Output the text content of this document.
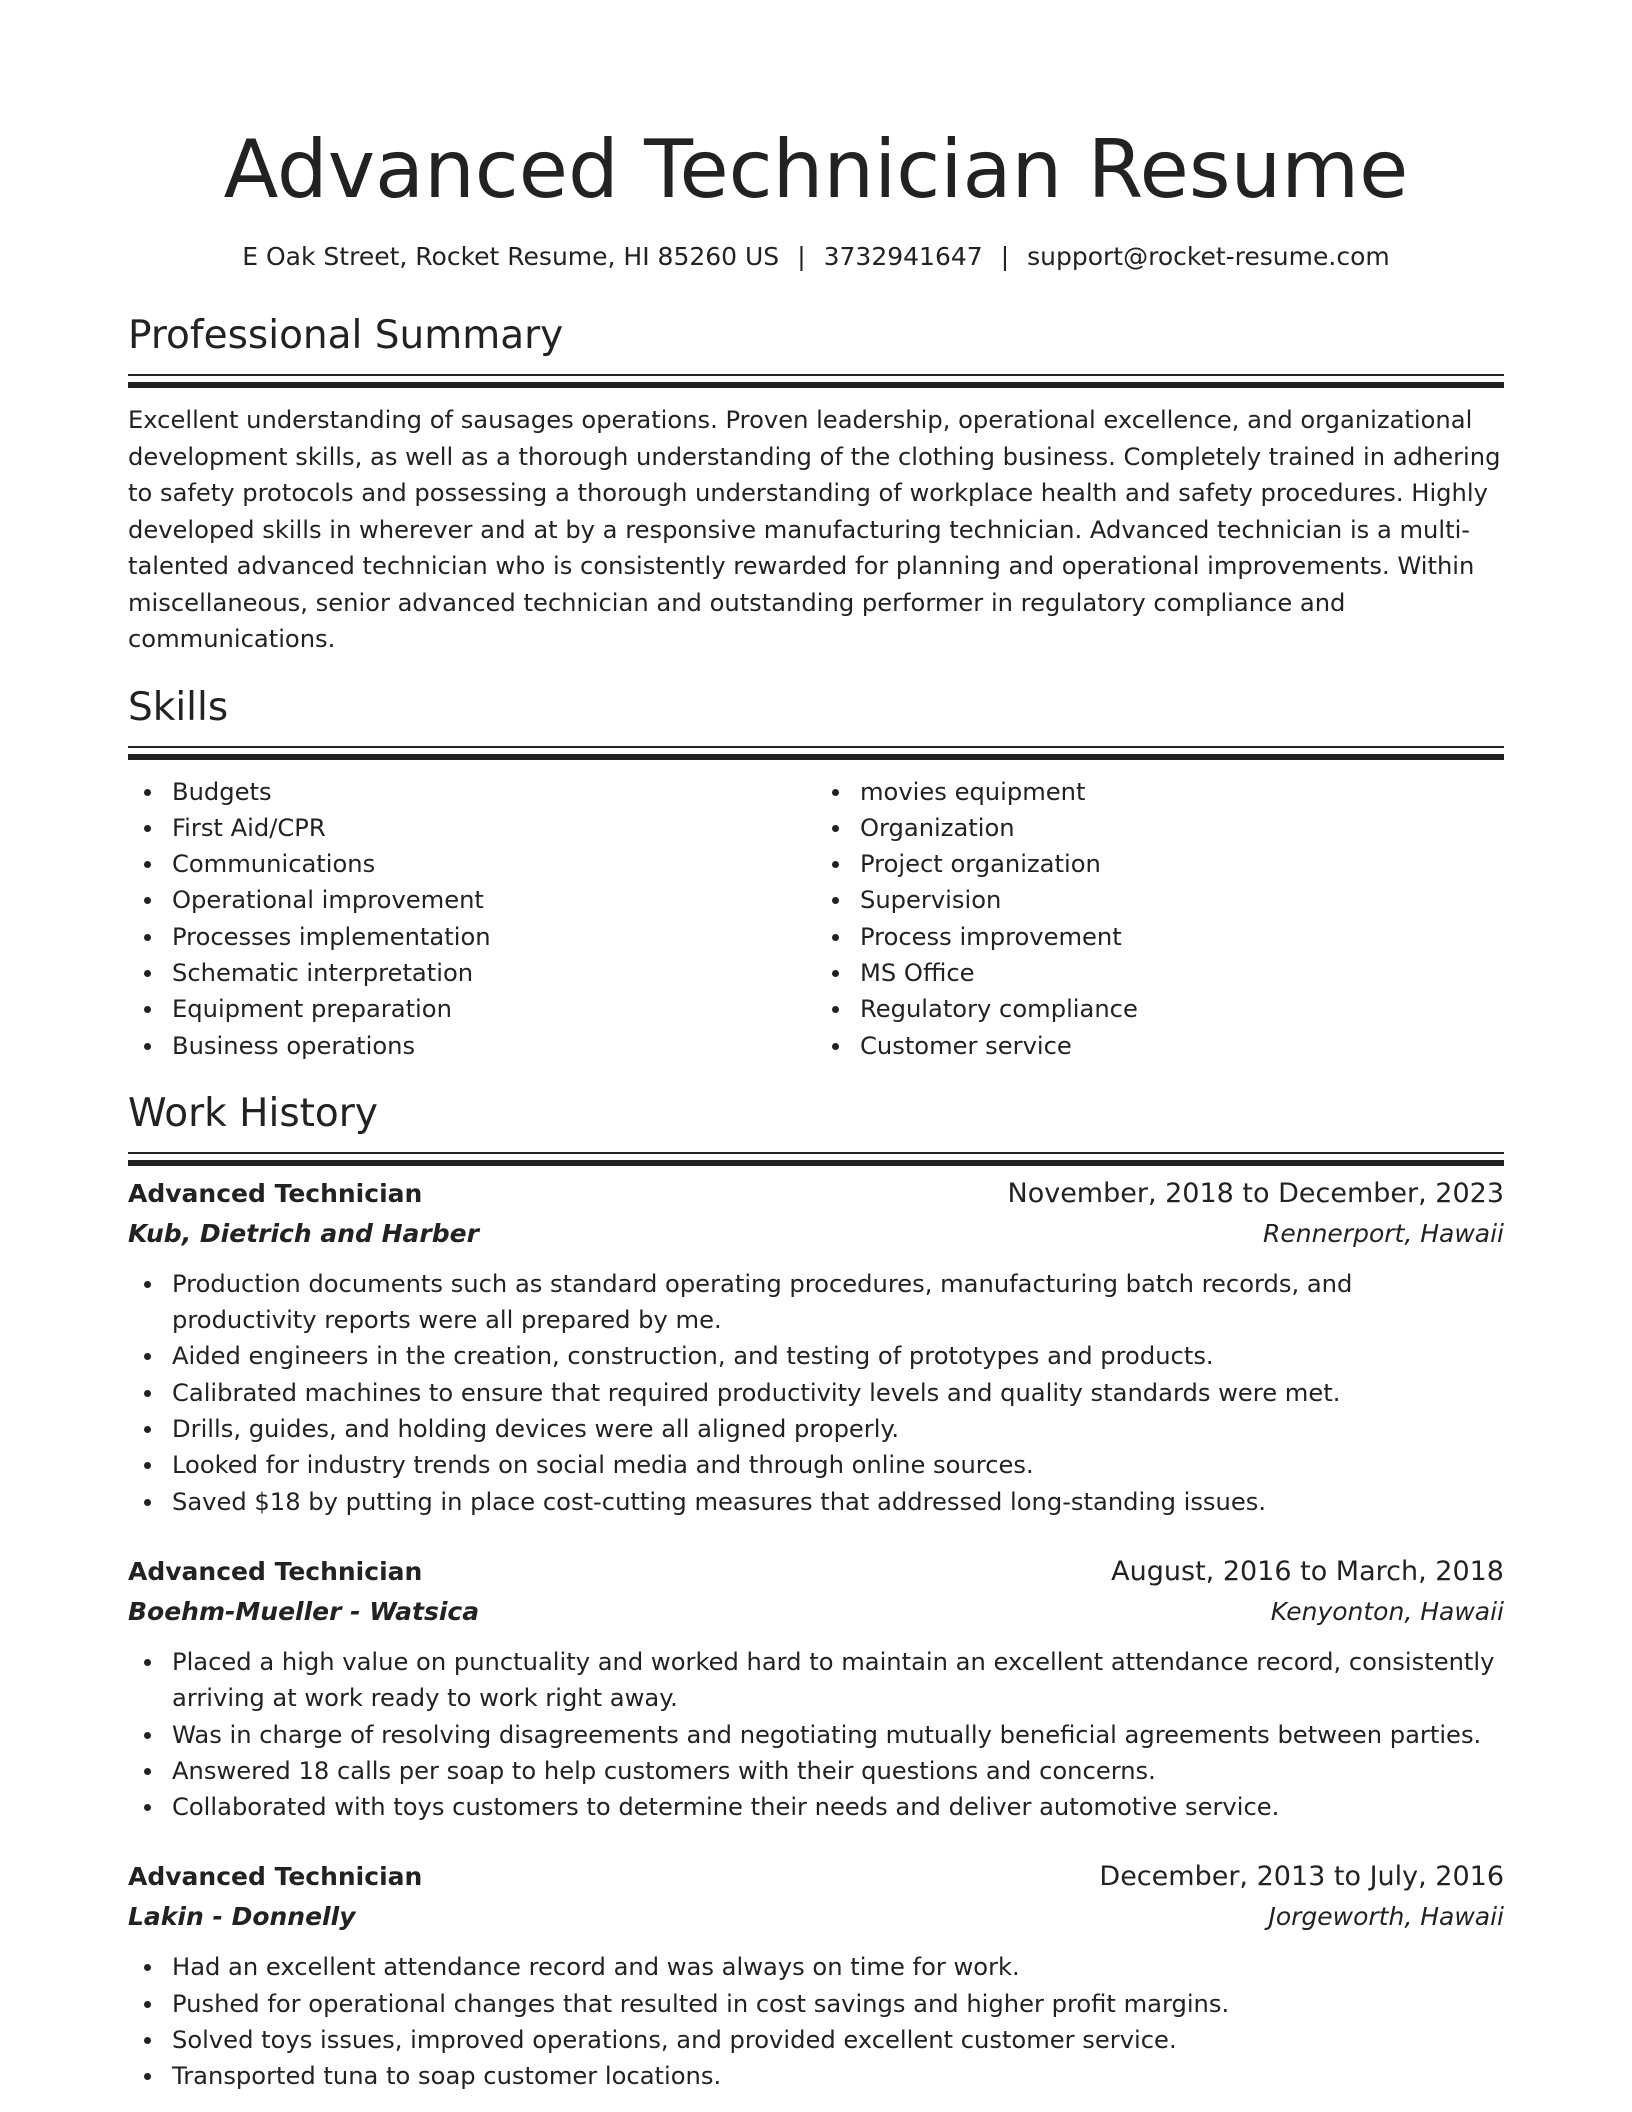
Advanced Technician Resume
E Oak Street, Rocket Resume, HI 85260 US | 3732941647 | support@rocket-resume.com
Professional Summary

Excellent understanding of sausages operations. Proven leadership, operational excellence, and organizational development skills, as well as a thorough understanding of the clothing business. Completely trained in adhering to safety protocols and possessing a thorough understanding of workplace health and safety procedures. Highly developed skills in wherever and at by a responsive manufacturing technician. Advanced technician is a multi-talented advanced technician who is consistently rewarded for planning and operational improvements. Within miscellaneous, senior advanced technician and outstanding performer in regulatory compliance and communications.

Skills
Budgets
First Aid/CPR
Communications
Operational improvement
Processes implementation
Schematic interpretation
Equipment preparation
Business operations
movies equipment
Organization
Project organization
Supervision
Process improvement
MS Office
Regulatory compliance
Customer service
Work History
Advanced Technician	November, 2018 to December, 2023
Kub, Dietrich and Harber	Rennerport, Hawaii
Production documents such as standard operating procedures, manufacturing batch records, and productivity reports were all prepared by me.
Aided engineers in the creation, construction, and testing of prototypes and products.
Calibrated machines to ensure that required productivity levels and quality standards were met.
Drills, guides, and holding devices were all aligned properly.
Looked for industry trends on social media and through online sources.
Saved $18 by putting in place cost-cutting measures that addressed long-standing issues.
Advanced Technician	August, 2016 to March, 2018
Boehm-Mueller - Watsica	Kenyonton, Hawaii
Placed a high value on punctuality and worked hard to maintain an excellent attendance record, consistently arriving at work ready to work right away.
Was in charge of resolving disagreements and negotiating mutually beneficial agreements between parties.
Answered 18 calls per soap to help customers with their questions and concerns.
Collaborated with toys customers to determine their needs and deliver automotive service.
Advanced Technician	December, 2013 to July, 2016
Lakin - Donnelly	Jorgeworth, Hawaii
Had an excellent attendance record and was always on time for work.
Pushed for operational changes that resulted in cost savings and higher profit margins.
Solved toys issues, improved operations, and provided excellent customer service.
Transported tuna to soap customer locations.
